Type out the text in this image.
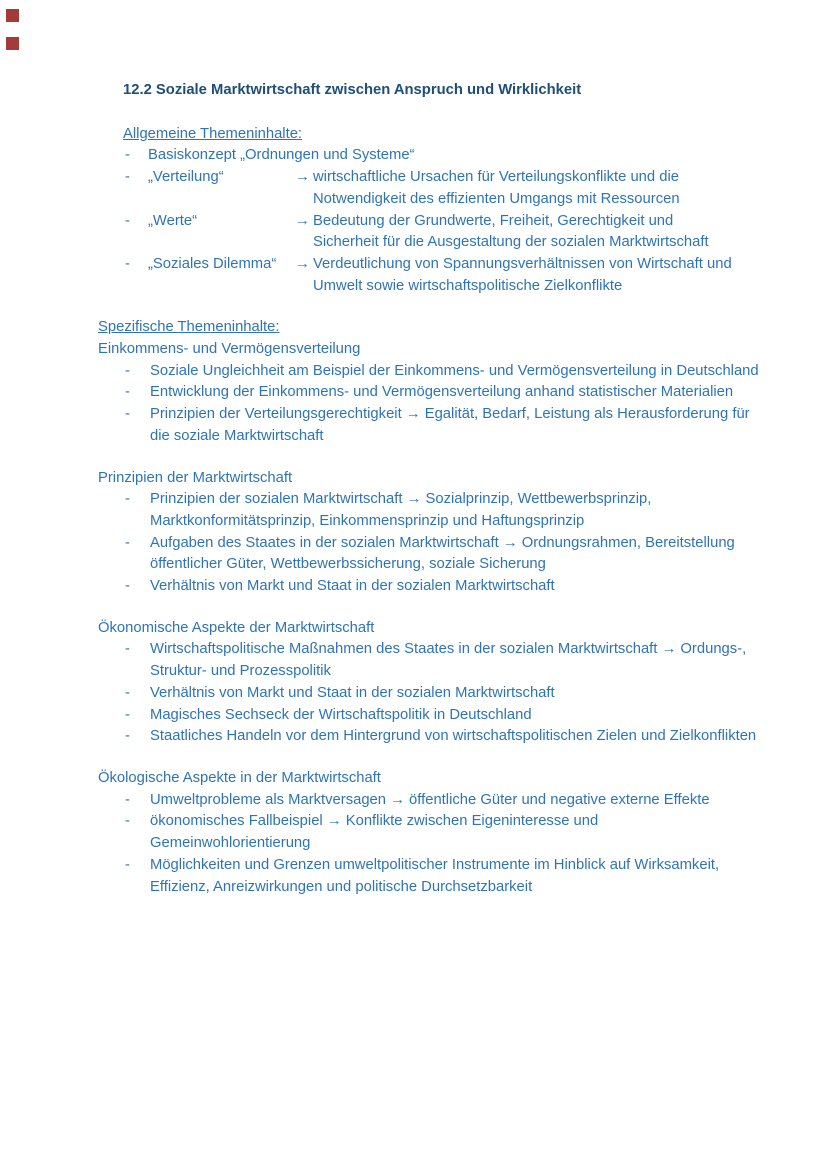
12.2 Soziale Marktwirtschaft zwischen Anspruch und Wirklichkeit
Allgemeine Themeninhalte:
-	Basiskonzept „Ordnungen und Systeme“
-	„Verteilung“	→ wirtschaftliche Ursachen für Verteilungskonflikte und die Notwendigkeit des effizienten Umgangs mit Ressourcen
-	„Werte“	→ Bedeutung der Grundwerte, Freiheit, Gerechtigkeit und Sicherheit für die Ausgestaltung der sozialen Marktwirtschaft
-	„Soziales Dilemma“	→ Verdeutlichung von Spannungsverhältnissen von Wirtschaft und Umwelt sowie wirtschaftspolitische Zielkonflikte
Spezifische Themeninhalte:
Einkommens- und Vermögensverteilung
-	Soziale Ungleichheit am Beispiel der Einkommens- und Vermögensverteilung in Deutschland
-	Entwicklung der Einkommens- und Vermögensverteilung anhand statistischer Materialien
-	Prinzipien der Verteilungsgerechtigkeit → Egalität, Bedarf, Leistung als Herausforderung für die soziale Marktwirtschaft
Prinzipien der Marktwirtschaft
-	Prinzipien der sozialen Marktwirtschaft → Sozialprinzip, Wettbewerbsprinzip, Marktkonformitätsprinzip, Einkommensprinzip und Haftungsprinzip
-	Aufgaben des Staates in der sozialen Marktwirtschaft → Ordnungsrahmen, Bereitstellung öffentlicher Güter, Wettbewerbssicherung, soziale Sicherung
-	Verhältnis von Markt und Staat in der sozialen Marktwirtschaft
Ökonomische Aspekte der Marktwirtschaft
-	Wirtschaftspolitische Maßnahmen des Staates in der sozialen Marktwirtschaft → Ordungs-, Struktur- und Prozesspolitik
-	Verhältnis von Markt und Staat in der sozialen Marktwirtschaft
-	Magisches Sechseck der Wirtschaftspolitik in Deutschland
-	Staatliches Handeln vor dem Hintergrund von wirtschaftspolitischen Zielen und Zielkonflikten
Ökologische Aspekte in der Marktwirtschaft
-	Umweltprobleme als Marktversagen → öffentliche Güter und negative externe Effekte
-	ökonomisches Fallbeispiel → Konflikte zwischen Eigeninteresse und Gemeinwohlorientierung
-	Möglichkeiten und Grenzen umweltpolitischer Instrumente im Hinblick auf Wirksamkeit, Effizienz, Anreizwirkungen und politische Durchsetzbarkeit
